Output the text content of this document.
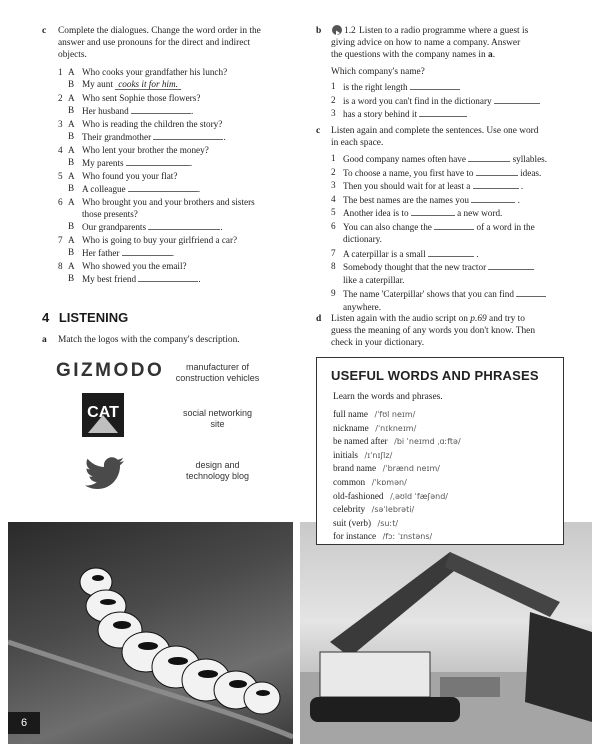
c Complete the dialogues. Change the word order in the
answer and use pronouns for the direct and indirect
objects.
1 A Who cooks your grandfather his lunch?
B My aunt cooks it for him.
2 A Who sent Sophie those flowers?
B Her husband	.
3 A Who is reading the children the story?
B Their grandmother	.
4 A Who lent your brother the money?
B My parents	.
5 A Who found you your flat?
B A colleague	.
6 A Who brought you and your brothers and sisters
those presents?
B Our grandparents	.
7 A Who is going to buy your girlfriend a car?
B Her father	.
8 A Who showed you the email?
B My best friend	.
4 LISTENING
a Match the logos with the company's description.
GIZMODO
CAT
manufacturer of
construction vehicles
social networking
site
design and
technology blog
b 1.2 Listen to a radio programme where a guest is
giving advice on how to name a company. Answer
the questions with the company names in a.
Which company's name?
1 is the right length
2 is a word you can't find in the dictionary
3 has a story behind it
c Listen again and complete the sentences. Use one word
in each space.
1 Good company names often have	syllables.
2 To choose a name, you first have to	ideas.
3 Then you should wait for at least a	.
4 The best names are the names you	.
5 Another idea is to	a new word.
6 You can also change the	of a word in the
dictionary.
7 A caterpillar is a small	.
8 Somebody thought that the new tractor
like a caterpillar.
9 The name 'Caterpillar' shows that you can find
anywhere.
d Listen again with the audio script on p.69 and try to
guess the meaning of any words you don't know. Then
check in your dictionary.
6
USEFUL WORDS AND PHRASES
Learn the words and phrases.
full name /ˈfʊl neɪm/
nickname /ˈnɪkneɪm/
be named after /bi ˈneɪmd ˌɑːftə/
initials /ɪˈnɪʃlz/
brand name /ˈbrænd neɪm/
common /ˈkɒmən/
old-fashioned /ˌəʊld ˈfæʃənd/
celebrity /səˈlebrəti/
suit (verb) /suːt/
for instance /fɔː ˈɪnstəns/
